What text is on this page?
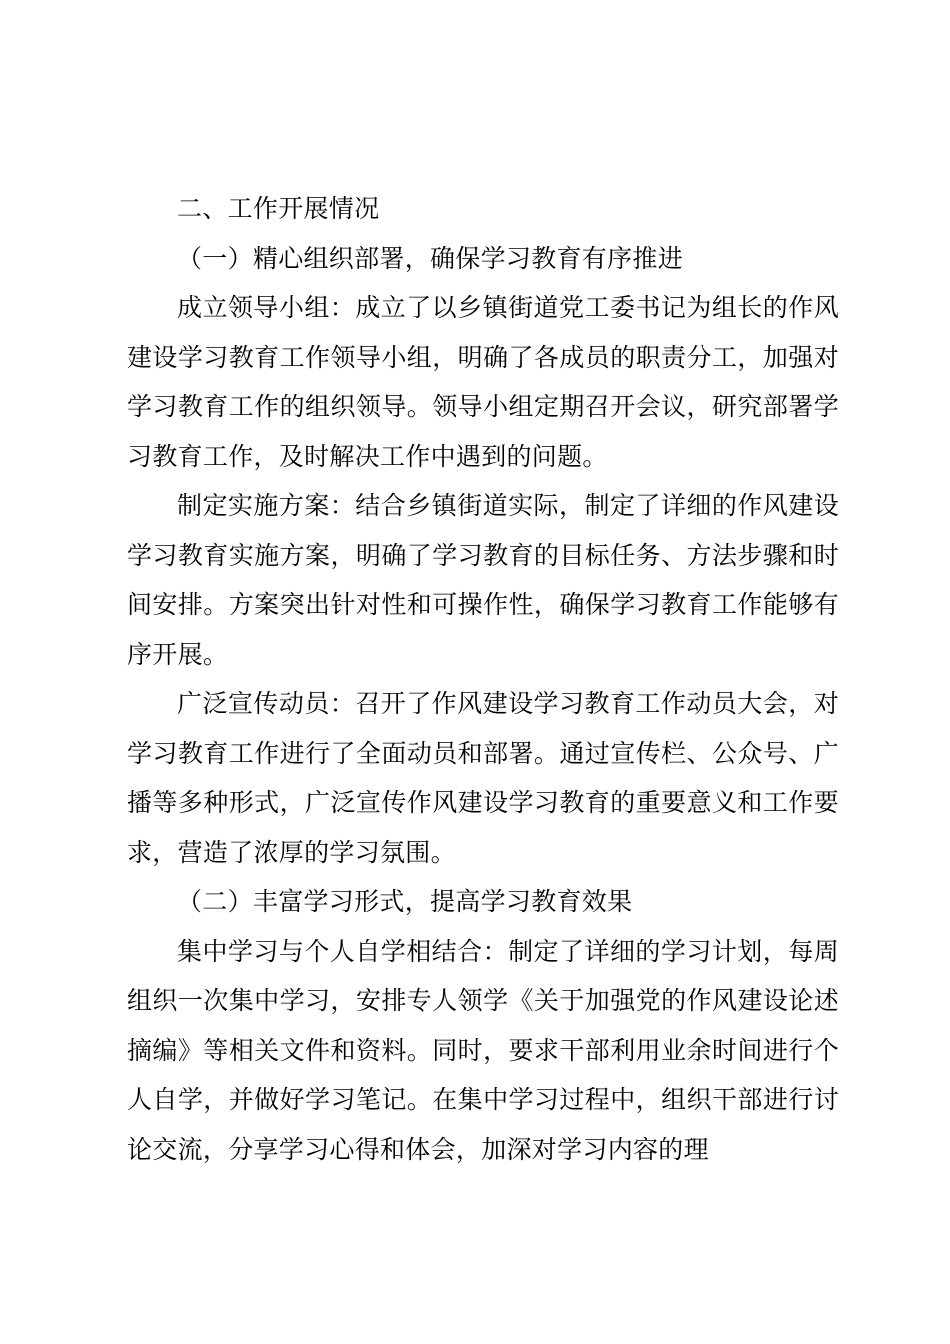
二、工作开展情况

（一）精心组织部署，确保学习教育有序推进

成立领导小组：成立了以乡镇街道党工委书记为组长的作风建设学习教育工作领导小组，明确了各成员的职责分工，加强对学习教育工作的组织领导。领导小组定期召开会议，研究部署学习教育工作，及时解决工作中遇到的问题。

制定实施方案：结合乡镇街道实际，制定了详细的作风建设学习教育实施方案，明确了学习教育的目标任务、方法步骤和时间安排。方案突出针对性和可操作性，确保学习教育工作能够有序开展。

广泛宣传动员：召开了作风建设学习教育工作动员大会，对学习教育工作进行了全面动员和部署。通过宣传栏、公众号、广播等多种形式，广泛宣传作风建设学习教育的重要意义和工作要求，营造了浓厚的学习氛围。

（二）丰富学习形式，提高学习教育效果

集中学习与个人自学相结合：制定了详细的学习计划，每周组织一次集中学习，安排专人领学《关于加强党的作风建设论述摘编》等相关文件和资料。同时，要求干部利用业余时间进行个人自学，并做好学习笔记。在集中学习过程中，组织干部进行讨论交流，分享学习心得和体会，加深对学习内容的理
